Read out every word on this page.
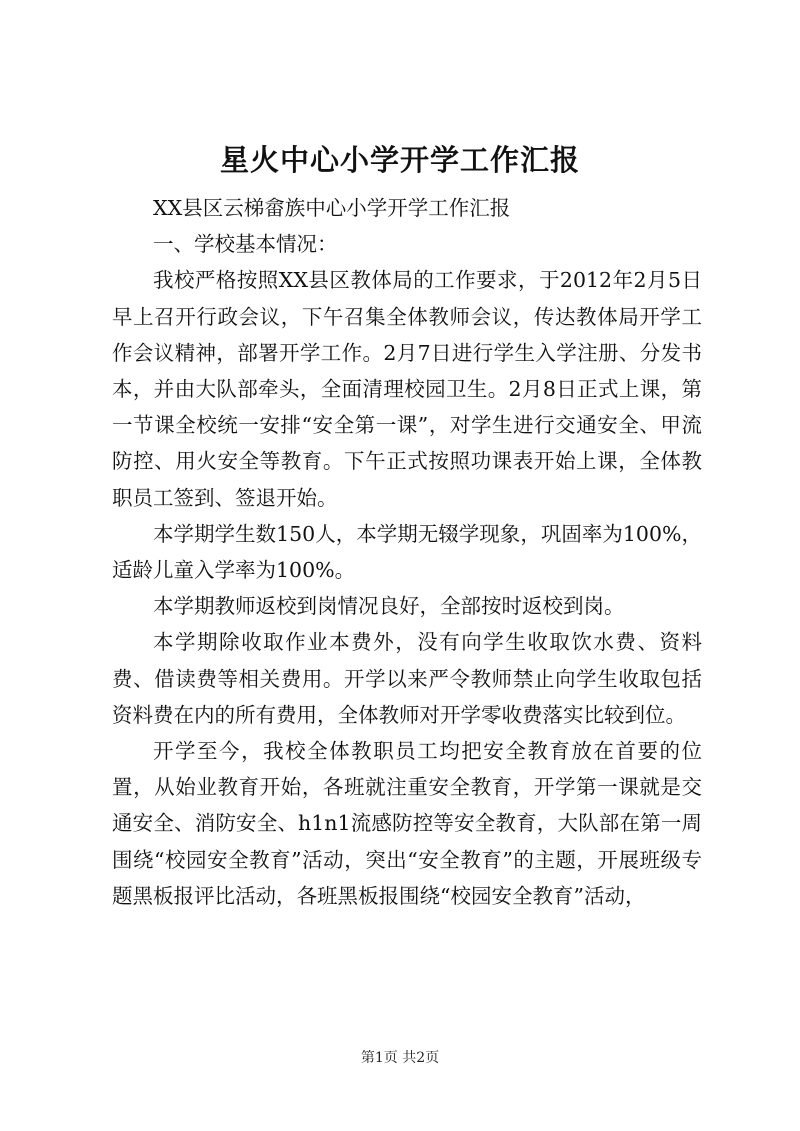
星火中心小学开学工作汇报

XX县区云梯畲族中心小学开学工作汇报

一、学校基本情况：

我校严格按照XX县区教体局的工作要求，于2012年2月5日早上召开行政会议，下午召集全体教师会议，传达教体局开学工作会议精神，部署开学工作。2月7日进行学生入学注册、分发书本，并由大队部牵头，全面清理校园卫生。2月8日正式上课，第一节课全校统一安排“安全第一课”，对学生进行交通安全、甲流防控、用火安全等教育。下午正式按照功课表开始上课，全体教职员工签到、签退开始。

本学期学生数150人，本学期无辍学现象，巩固率为100%，适龄儿童入学率为100%。

本学期教师返校到岗情况良好，全部按时返校到岗。

本学期除收取作业本费外，没有向学生收取饮水费、资料费、借读费等相关费用。开学以来严令教师禁止向学生收取包括资料费在内的所有费用，全体教师对开学零收费落实比较到位。

开学至今，我校全体教职员工均把安全教育放在首要的位置，从始业教育开始，各班就注重安全教育，开学第一课就是交通安全、消防安全、h1n1流感防控等安全教育，大队部在第一周围绕“校园安全教育”活动，突出“安全教育”的主题，开展班级专题黑板报评比活动，各班黑板报围绕“校园安全教育”活动，

第1页 共2页
